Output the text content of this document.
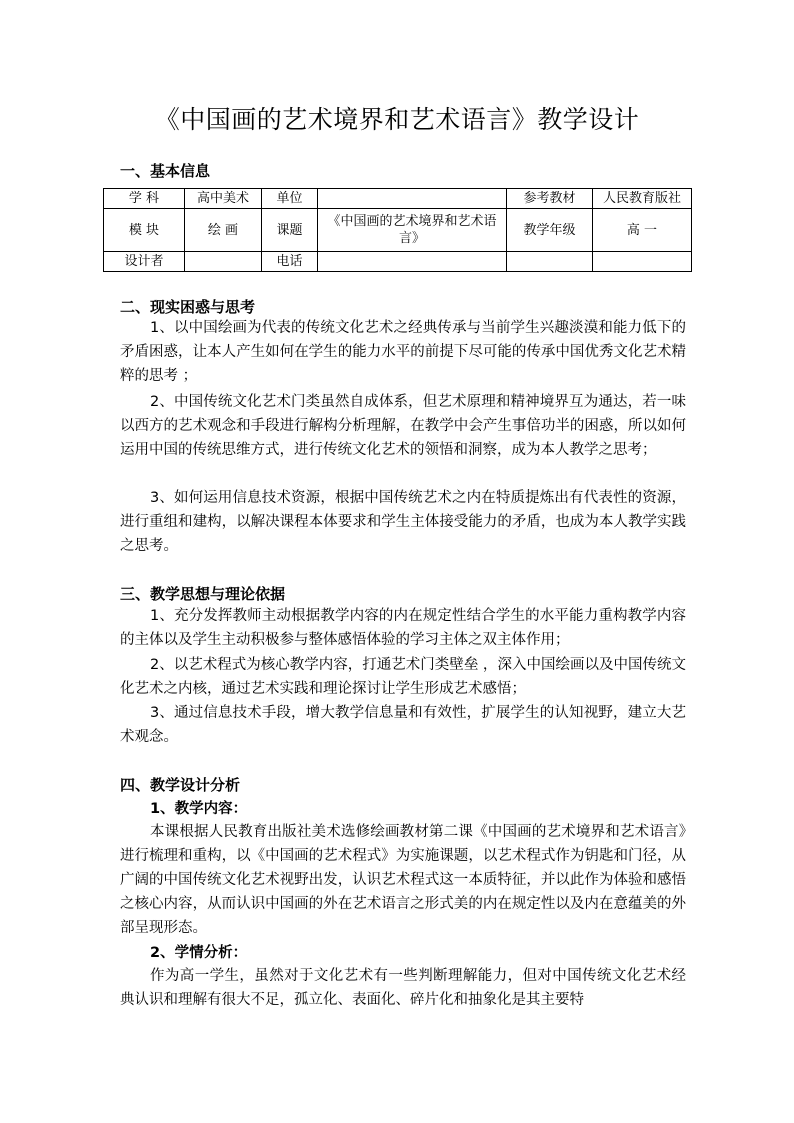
《中国画的艺术境界和艺术语言》教学设计
一、基本信息
学 科	高中美术	单位		参考教材	人民教育版社
模 块	绘 画	课题	《中国画的艺术境界和艺术语言》	教学年级	高 一
设计者		电话			
二、现实困惑与思考
1、以中国绘画为代表的传统文化艺术之经典传承与当前学生兴趣淡漠和能力低下的矛盾困惑，让本人产生如何在学生的能力水平的前提下尽可能的传承中国优秀文化艺术精粹的思考 ；
2、中国传统文化艺术门类虽然自成体系，但艺术原理和精神境界互为通达，若一味以西方的艺术观念和手段进行解构分析理解，在教学中会产生事倍功半的困惑，所以如何运用中国的传统思维方式，进行传统文化艺术的领悟和洞察，成为本人教学之思考；
3、如何运用信息技术资源，根据中国传统艺术之内在特质提炼出有代表性的资源，进行重组和建构，以解决课程本体要求和学生主体接受能力的矛盾，也成为本人教学实践之思考。
三、教学思想与理论依据
1、充分发挥教师主动根据教学内容的内在规定性结合学生的水平能力重构教学内容的主体以及学生主动积极参与整体感悟体验的学习主体之双主体作用；
2、以艺术程式为核心教学内容，打通艺术门类壁垒 ，深入中国绘画以及中国传统文化艺术之内核，通过艺术实践和理论探讨让学生形成艺术感悟；
3、通过信息技术手段，增大教学信息量和有效性，扩展学生的认知视野，建立大艺术观念。
四、教学设计分析
1、教学内容：
本课根据人民教育出版社美术选修绘画教材第二课《中国画的艺术境界和艺术语言》进行梳理和重构，以《中国画的艺术程式》为实施课题，以艺术程式作为钥匙和门径，从广阔的中国传统文化艺术视野出发，认识艺术程式这一本质特征，并以此作为体验和感悟之核心内容，从而认识中国画的外在艺术语言之形式美的内在规定性以及内在意蕴美的外部呈现形态。
2、学情分析：
作为高一学生，虽然对于文化艺术有一些判断理解能力，但对中国传统文化艺术经典认识和理解有很大不足，孤立化、表面化、碎片化和抽象化是其主要特
